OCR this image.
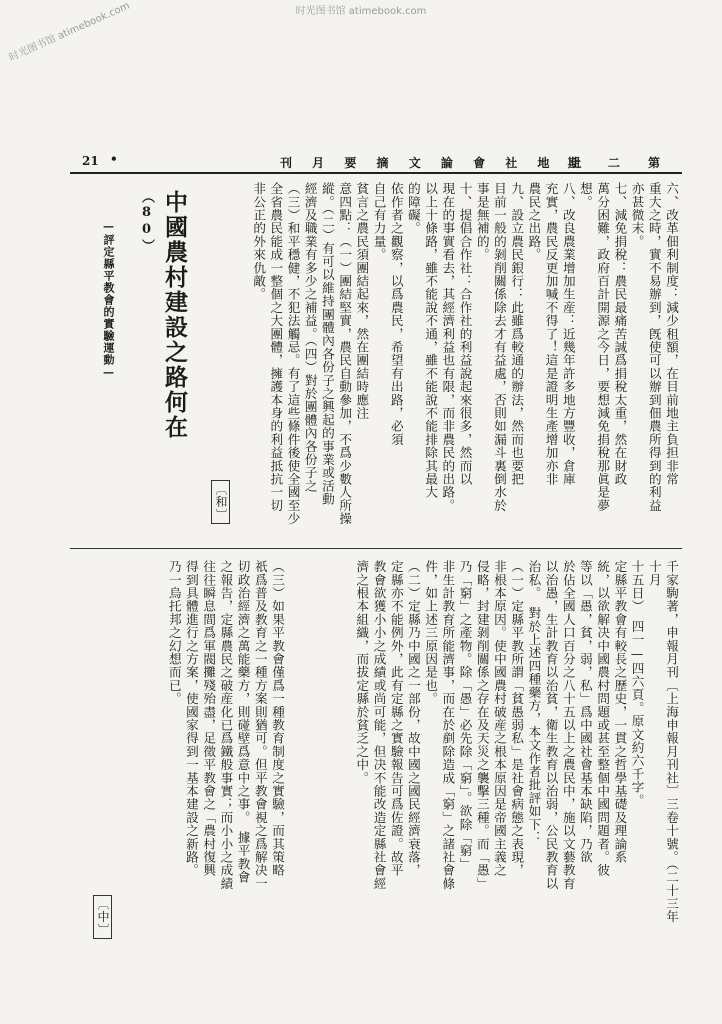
时光图书馆 atimebook.com
时光图书馆 atimebook.com
21 •	刊 月 要 摘 文 論 會 社 地 土
期 二 第
六、改革佃利制度：減少租額，在目前地主負担非常
重大之時，實不易辦到，旣使可以辦到佃農所得到的利益
亦甚微末。
七、減免捐稅：農民最痛苦誠爲捐稅太重，然在財政
萬分困難，政府百計開源之今日，要想減免捐稅那眞是夢
想。
八、改良農業增加生産：近幾年許多地方豐收，倉庫
充實，農民反更加喊不得了！這是證明生產增加亦非
農民之出路。
九、設立農民銀行：此雖爲較通的辦法，然而也要把
目前一般的剝削關係除去才有益處，否則如漏斗裏倒水於
事是無補的。
十、提倡合作社：合作社的利益說起來很多，然而以
現在的事實看去，其經濟利益也有限，而非農民的出路。
以上十條路，雖不能說不通，雖不能說不能排除其最大
的障礙。
依作者之觀察，以爲農民，希望有出路，必須
自己有力量。
貧言之農民須團結起來，然在團結時應注
意四點：（一）團結堅實，農民自動參加，不爲少數人所操
縱。（二）有可以維持團體內各份子之興起的事業或活動
經濟及職業有多少之補益。（四）對於團體內各份子之
（三）和平穩健，不犯法觸忌。有了這些條件後使全國至少
全省農民能成一整個之大團體，擁護本身的利益抵抗一切
非公正的外來仇敵。
〔和〕
中國農村建設之路何在（80）
—評定縣平教會的實驗運動—
千家駒著，申報月刊〔上海申報月刊社〕三卷十號。（二十三年十月
十五日）　四一—四六頁。原文約六千字。
定縣平教會有較長之歷史，一貫之哲學基礎及理論系
統，以欲解决中國農村問題或甚至整個中國問題者。彼
等以「愚，貧，弱，私」爲中國社會基本缺陷，乃欲
於佔全國人口百分之八十五以上之農民中，施以文藝教育
以治愚，生計教育以治貧，衛生教育以治弱，公民教育以
治私。　對於上述四種藥方，本文作者批評如下：
（一）定縣平教所謂「貧愚弱私」是社會病態之表現，
非根本原因。使中國農村破産之根本原因是帝國主義之
侵略，封建剝削關係之存在及天災之襲擊三種。而「愚」
乃「窮」之產物。除「愚」必先除「窮」。欲除「窮」
非生計教育所能濟事，而在於剷除造成「窮」之諸社會條
件，如上述三原因是也。
（二）定縣乃中國之一部份，故中國之國民經濟衰落，
定縣亦不能例外，此有定縣之實驗報告可爲佐證。故平
教會欲獲小小之成績或尚可能，但决不能改造定縣社會經
濟之根本組織，而拔定縣於貧乏之中。
（三）如果平教會僅爲一種教育制度之實驗，而其策略
祇爲普及教育之一種方案則猶可。但平教會視之爲解决一
切政治經濟之萬能藥方，則碰壁爲意中之事。　據平教會
之報告，定縣農民之破産化已爲鐵般事實；而小小之成績
往往瞬息間爲軍閥攤殘殆盡，足徵平教會之「農村復興
得到具體進行之方案，使國家得到一基本建設之新路。
乃一烏托邦之幻想而已。
〔中〕
